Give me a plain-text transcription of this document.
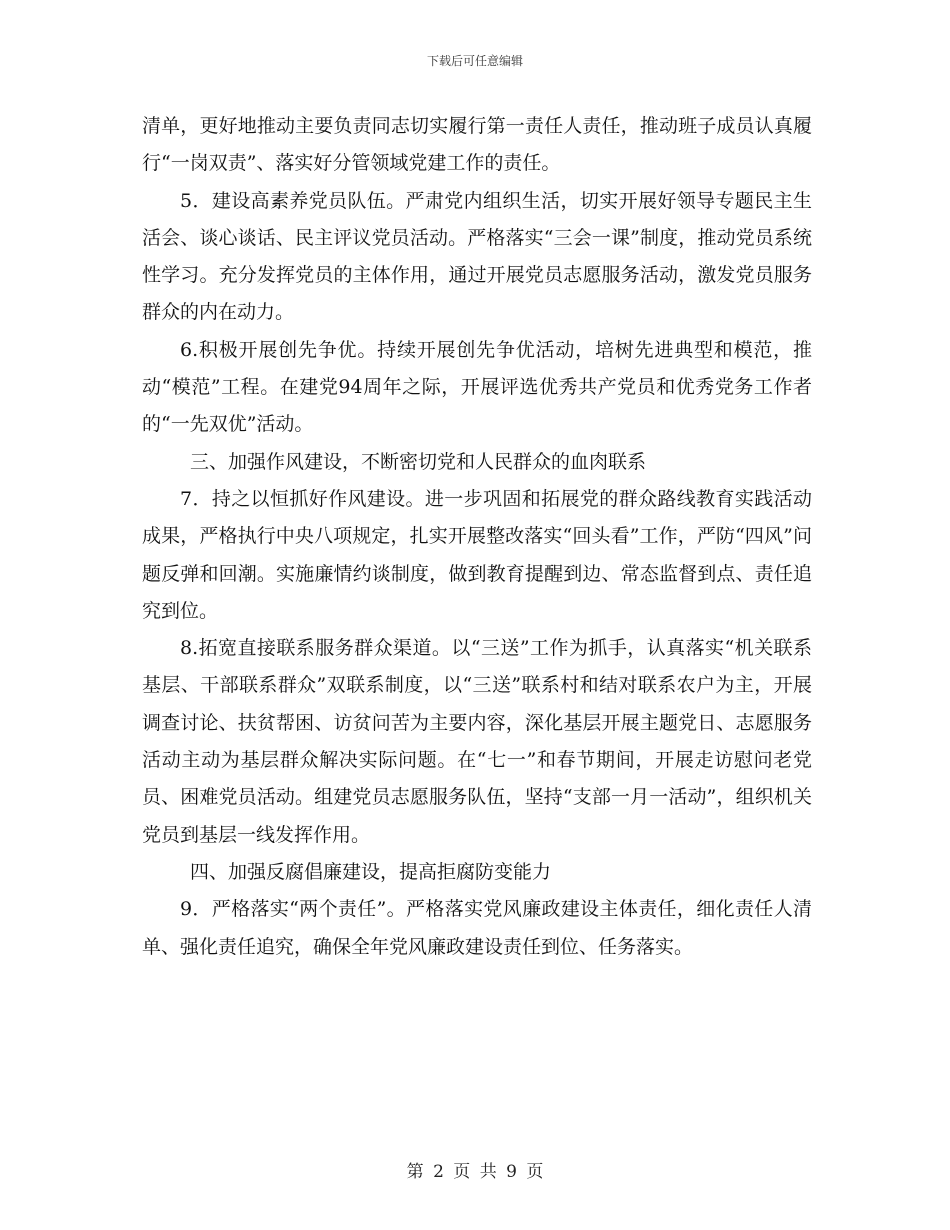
下载后可任意编辑

清单，更好地推动主要负责同志切实履行第一责任人责任，推动班子成员认真履行“一岗双责”、落实好分管领域党建工作的责任。

5．建设高素养党员队伍。严肃党内组织生活，切实开展好领导专题民主生活会、谈心谈话、民主评议党员活动。严格落实“三会一课”制度，推动党员系统性学习。充分发挥党员的主体作用，通过开展党员志愿服务活动，激发党员服务群众的内在动力。

6.积极开展创先争优。持续开展创先争优活动，培树先进典型和模范，推动“模范”工程。在建党94周年之际，开展评选优秀共产党员和优秀党务工作者的“一先双优”活动。

三、加强作风建设，不断密切党和人民群众的血肉联系

7．持之以恒抓好作风建设。进一步巩固和拓展党的群众路线教育实践活动成果，严格执行中央八项规定，扎实开展整改落实“回头看”工作，严防“四风”问题反弹和回潮。实施廉情约谈制度，做到教育提醒到边、常态监督到点、责任追究到位。

8.拓宽直接联系服务群众渠道。以“三送”工作为抓手，认真落实“机关联系基层、干部联系群众”双联系制度，以“三送”联系村和结对联系农户为主，开展调查讨论、扶贫帮困、访贫问苦为主要内容，深化基层开展主题党日、志愿服务活动主动为基层群众解决实际问题。在“七一”和春节期间，开展走访慰问老党员、困难党员活动。组建党员志愿服务队伍，坚持“支部一月一活动”，组织机关党员到基层一线发挥作用。

四、加强反腐倡廉建设，提高拒腐防变能力

9．严格落实“两个责任”。严格落实党风廉政建设主体责任，细化责任人清单、强化责任追究，确保全年党风廉政建设责任到位、任务落实。

第 2 页 共 9 页
